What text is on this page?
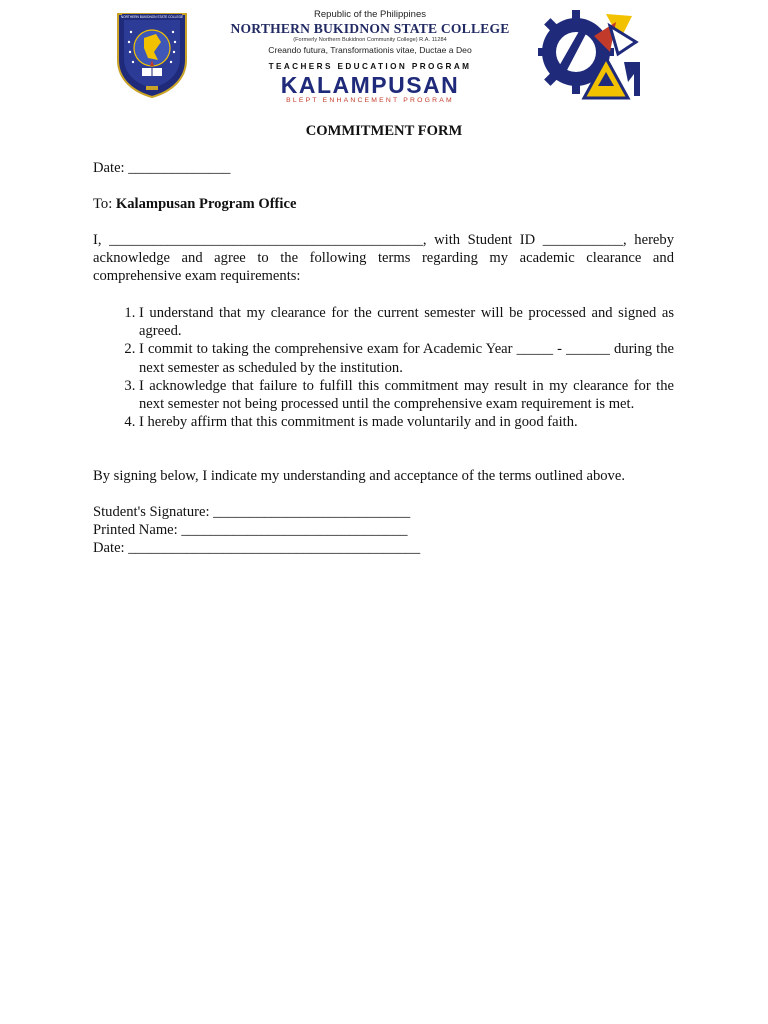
NORTHERN BUKIDNON STATE COLLEGE	Republic of the Philippines
NORTHERN BUKIDNON STATE COLLEGE
(Formerly Northern Bukidnon Community College) R.A. 11284
Creando futura, Transformationis vitae, Ductae a Deo
TEACHERS EDUCATION PROGRAM
KALAMPUSAN
BLEPT ENHANCEMENT PROGRAM
COMMITMENT FORM
Date: ______________
To: Kalampusan Program Office
I, ___________________________________________, with Student ID ___________, hereby acknowledge and agree to the following terms regarding my academic clearance and comprehensive exam requirements:
1. I understand that my clearance for the current semester will be processed and signed as agreed.
2. I commit to taking the comprehensive exam for Academic Year _____ - ______ during the next semester as scheduled by the institution.
3. I acknowledge that failure to fulfill this commitment may result in my clearance for the next semester not being processed until the comprehensive exam requirement is met.
4. I hereby affirm that this commitment is made voluntarily and in good faith.
By signing below, I indicate my understanding and acceptance of the terms outlined above.
Student's Signature: ___________________________
Printed Name: _______________________________
Date: ________________________________________
